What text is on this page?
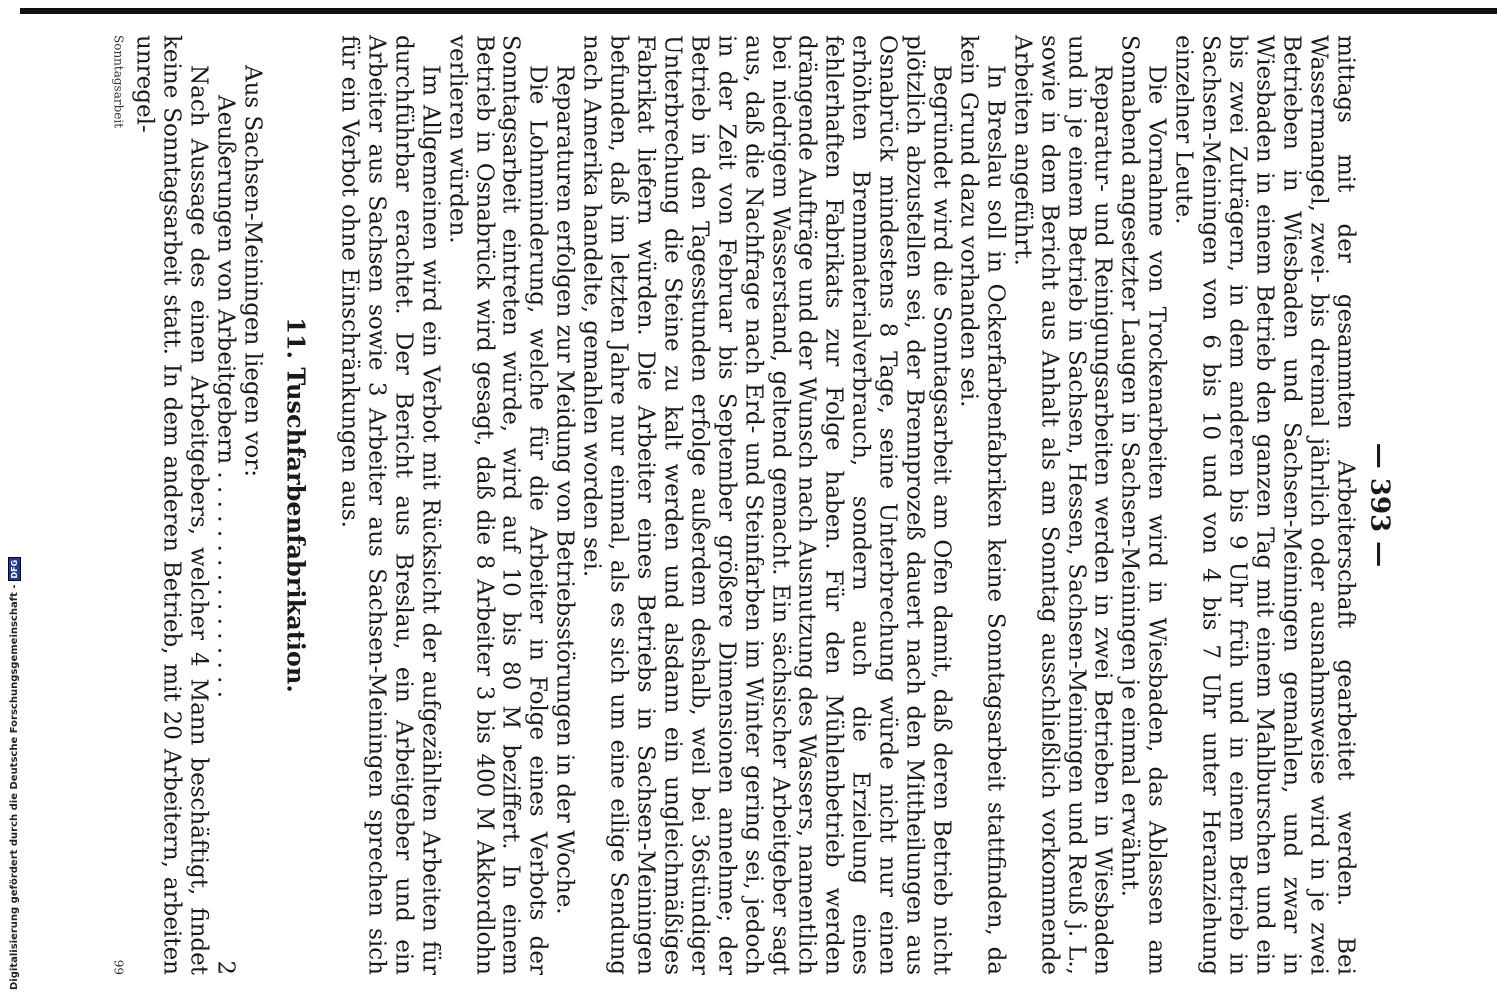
— 393 —

mittags mit der gesammten Arbeiterschaft gearbeitet werden. Bei Wassermangel, zwei- bis dreimal jährlich oder ausnahmsweise wird in je zwei Betrieben in Wiesbaden und Sachsen-Meiningen gemahlen, und zwar in Wiesbaden in einem Betrieb den ganzen Tag mit einem Mahlburschen und ein bis zwei Zuträgern, in dem anderen bis 9 Uhr früh und in einem Betrieb in Sachsen-Meiningen von 6 bis 10 und von 4 bis 7 Uhr unter Heranziehung einzelner Leute.

Die Vornahme von Trockenarbeiten wird in Wiesbaden, das Ablassen am Sonnabend angesetzter Laugen in Sachsen-Meiningen je einmal erwähnt.

Reparatur- und Reinigungsarbeiten werden in zwei Betrieben in Wiesbaden und in je einem Betrieb in Sachsen, Hessen, Sachsen-Meiningen und Reuß j. L., sowie in dem Bericht aus Anhalt als am Sonntag ausschließlich vorkommende Arbeiten angeführt.

In Breslau soll in Ockerfarbenfabriken keine Sonntagsarbeit stattfinden, da kein Grund dazu vorhanden sei.

Begründet wird die Sonntagsarbeit am Ofen damit, daß deren Betrieb nicht plötzlich abzustellen sei, der Brennprozeß dauert nach den Mittheilungen aus Osnabrück mindestens 8 Tage, seine Unterbrechung würde nicht nur einen erhöhten Brennmaterialverbrauch, sondern auch die Erzielung eines fehlerhaften Fabrikats zur Folge haben. Für den Mühlenbetrieb werden drängende Aufträge und der Wunsch nach Ausnutzung des Wassers, namentlich bei niedrigem Wasserstand, geltend gemacht. Ein sächsischer Arbeitgeber sagt aus, daß die Nachfrage nach Erd- und Steinfarben im Winter gering sei, jedoch in der Zeit von Februar bis September größere Dimensionen annehme; der Betrieb in den Tagesstunden erfolge außerdem deshalb, weil bei 36stündiger Unterbrechung die Steine zu kalt werden und alsdann ein ungleichmäßiges Fabrikat liefern würden. Die Arbeiter eines Betriebs in Sachsen-Meiningen befunden, daß im letzten Jahre nur einmal, als es sich um eine eilige Sendung nach Amerika handelte, gemahlen worden sei.

Reparaturen erfolgen zur Meidung von Betriebsstörungen in der Woche.

Die Lohnminderung, welche für die Arbeiter in Folge eines Verbots der Sonntagsarbeit eintreten würde, wird auf 10 bis 80 M beziffert. In einem Betrieb in Osnabrück wird gesagt, daß die 8 Arbeiter 3 bis 400 M Akkordlohn verlieren würden.

Im Allgemeinen wird ein Verbot mit Rücksicht der aufgezählten Arbeiten für durchführbar erachtet. Der Bericht aus Breslau, ein Arbeitgeber und ein Arbeiter aus Sachsen sowie 3 Arbeiter aus Sachsen-Meiningen sprechen sich für ein Verbot ohne Einschränkungen aus.

11. Tuschfarbenfabrikation.

Aus Sachsen-Meiningen liegen vor:

Aeußerungen von Arbeitgebern . . . . . . . . . . . . . . . .
2

Nach Aussage des einen Arbeitgebers, welcher 4 Mann beschäftigt, findet keine Sonntagsarbeit statt. In dem anderen Betrieb, mit 20 Arbeitern, arbeiten unregel-

Sonntagsarbeit
99
Digitalisierung gefördert durch die Deutsche Forschungsgemeinschaft -
DFG
